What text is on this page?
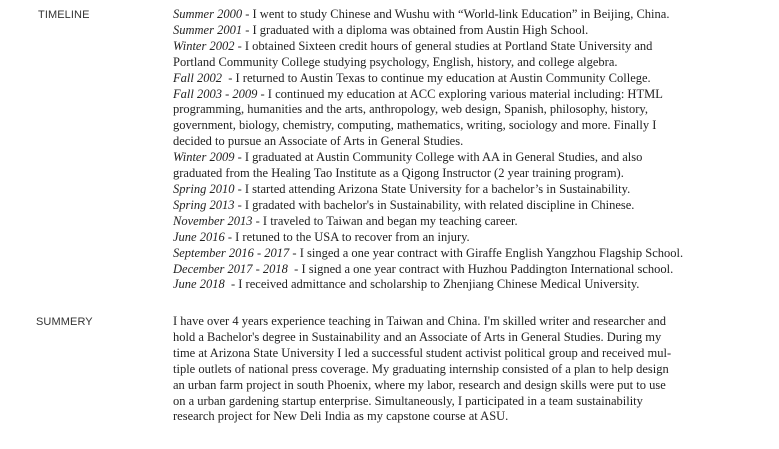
TIMELINE	Summer 2000 - I went to study Chinese and Wushu with “World-link Education” in Beijing, China.
Summer 2001 - I graduated with a diploma was obtained from Austin High School.
Winter 2002 - I obtained Sixteen credit hours of general studies at Portland State University and
Portland Community College studying psychology, English, history, and college algebra.
Fall 2002  - I returned to Austin Texas to continue my education at Austin Community College.
Fall 2003 - 2009 - I continued my education at ACC exploring various material including: HTML
programming, humanities and the arts, anthropology, web design, Spanish, philosophy, history,
government, biology, chemistry, computing, mathematics, writing, sociology and more. Finally I
decided to pursue an Associate of Arts in General Studies.
Winter 2009 - I graduated at Austin Community College with AA in General Studies, and also
graduated from the Healing Tao Institute as a Qigong Instructor (2 year training program).
Spring 2010 - I started attending Arizona State University for a bachelor’s in Sustainability.
Spring 2013 - I gradated with bachelor's in Sustainability, with related discipline in Chinese.
November 2013 - I traveled to Taiwan and began my teaching career.
June 2016 - I retuned to the USA to recover from an injury.
September 2016 - 2017 - I singed a one year contract with Giraffe English Yangzhou Flagship School.
December 2017 - 2018  - I signed a one year contract with Huzhou Paddington International school.
June 2018  - I received admittance and scholarship to Zhenjiang Chinese Medical University.
SUMMERY	I have over 4 years experience teaching in Taiwan and China. I'm skilled writer and researcher and
hold a Bachelor's degree in Sustainability and an Associate of Arts in General Studies. During my
time at Arizona State University I led a successful student activist political group and received mul-
tiple outlets of national press coverage. My graduating internship consisted of a plan to help design
an urban farm project in south Phoenix, where my labor, research and design skills were put to use
on a urban gardening startup enterprise. Simultaneously, I participated in a team sustainability
research project for New Deli India as my capstone course at ASU.
